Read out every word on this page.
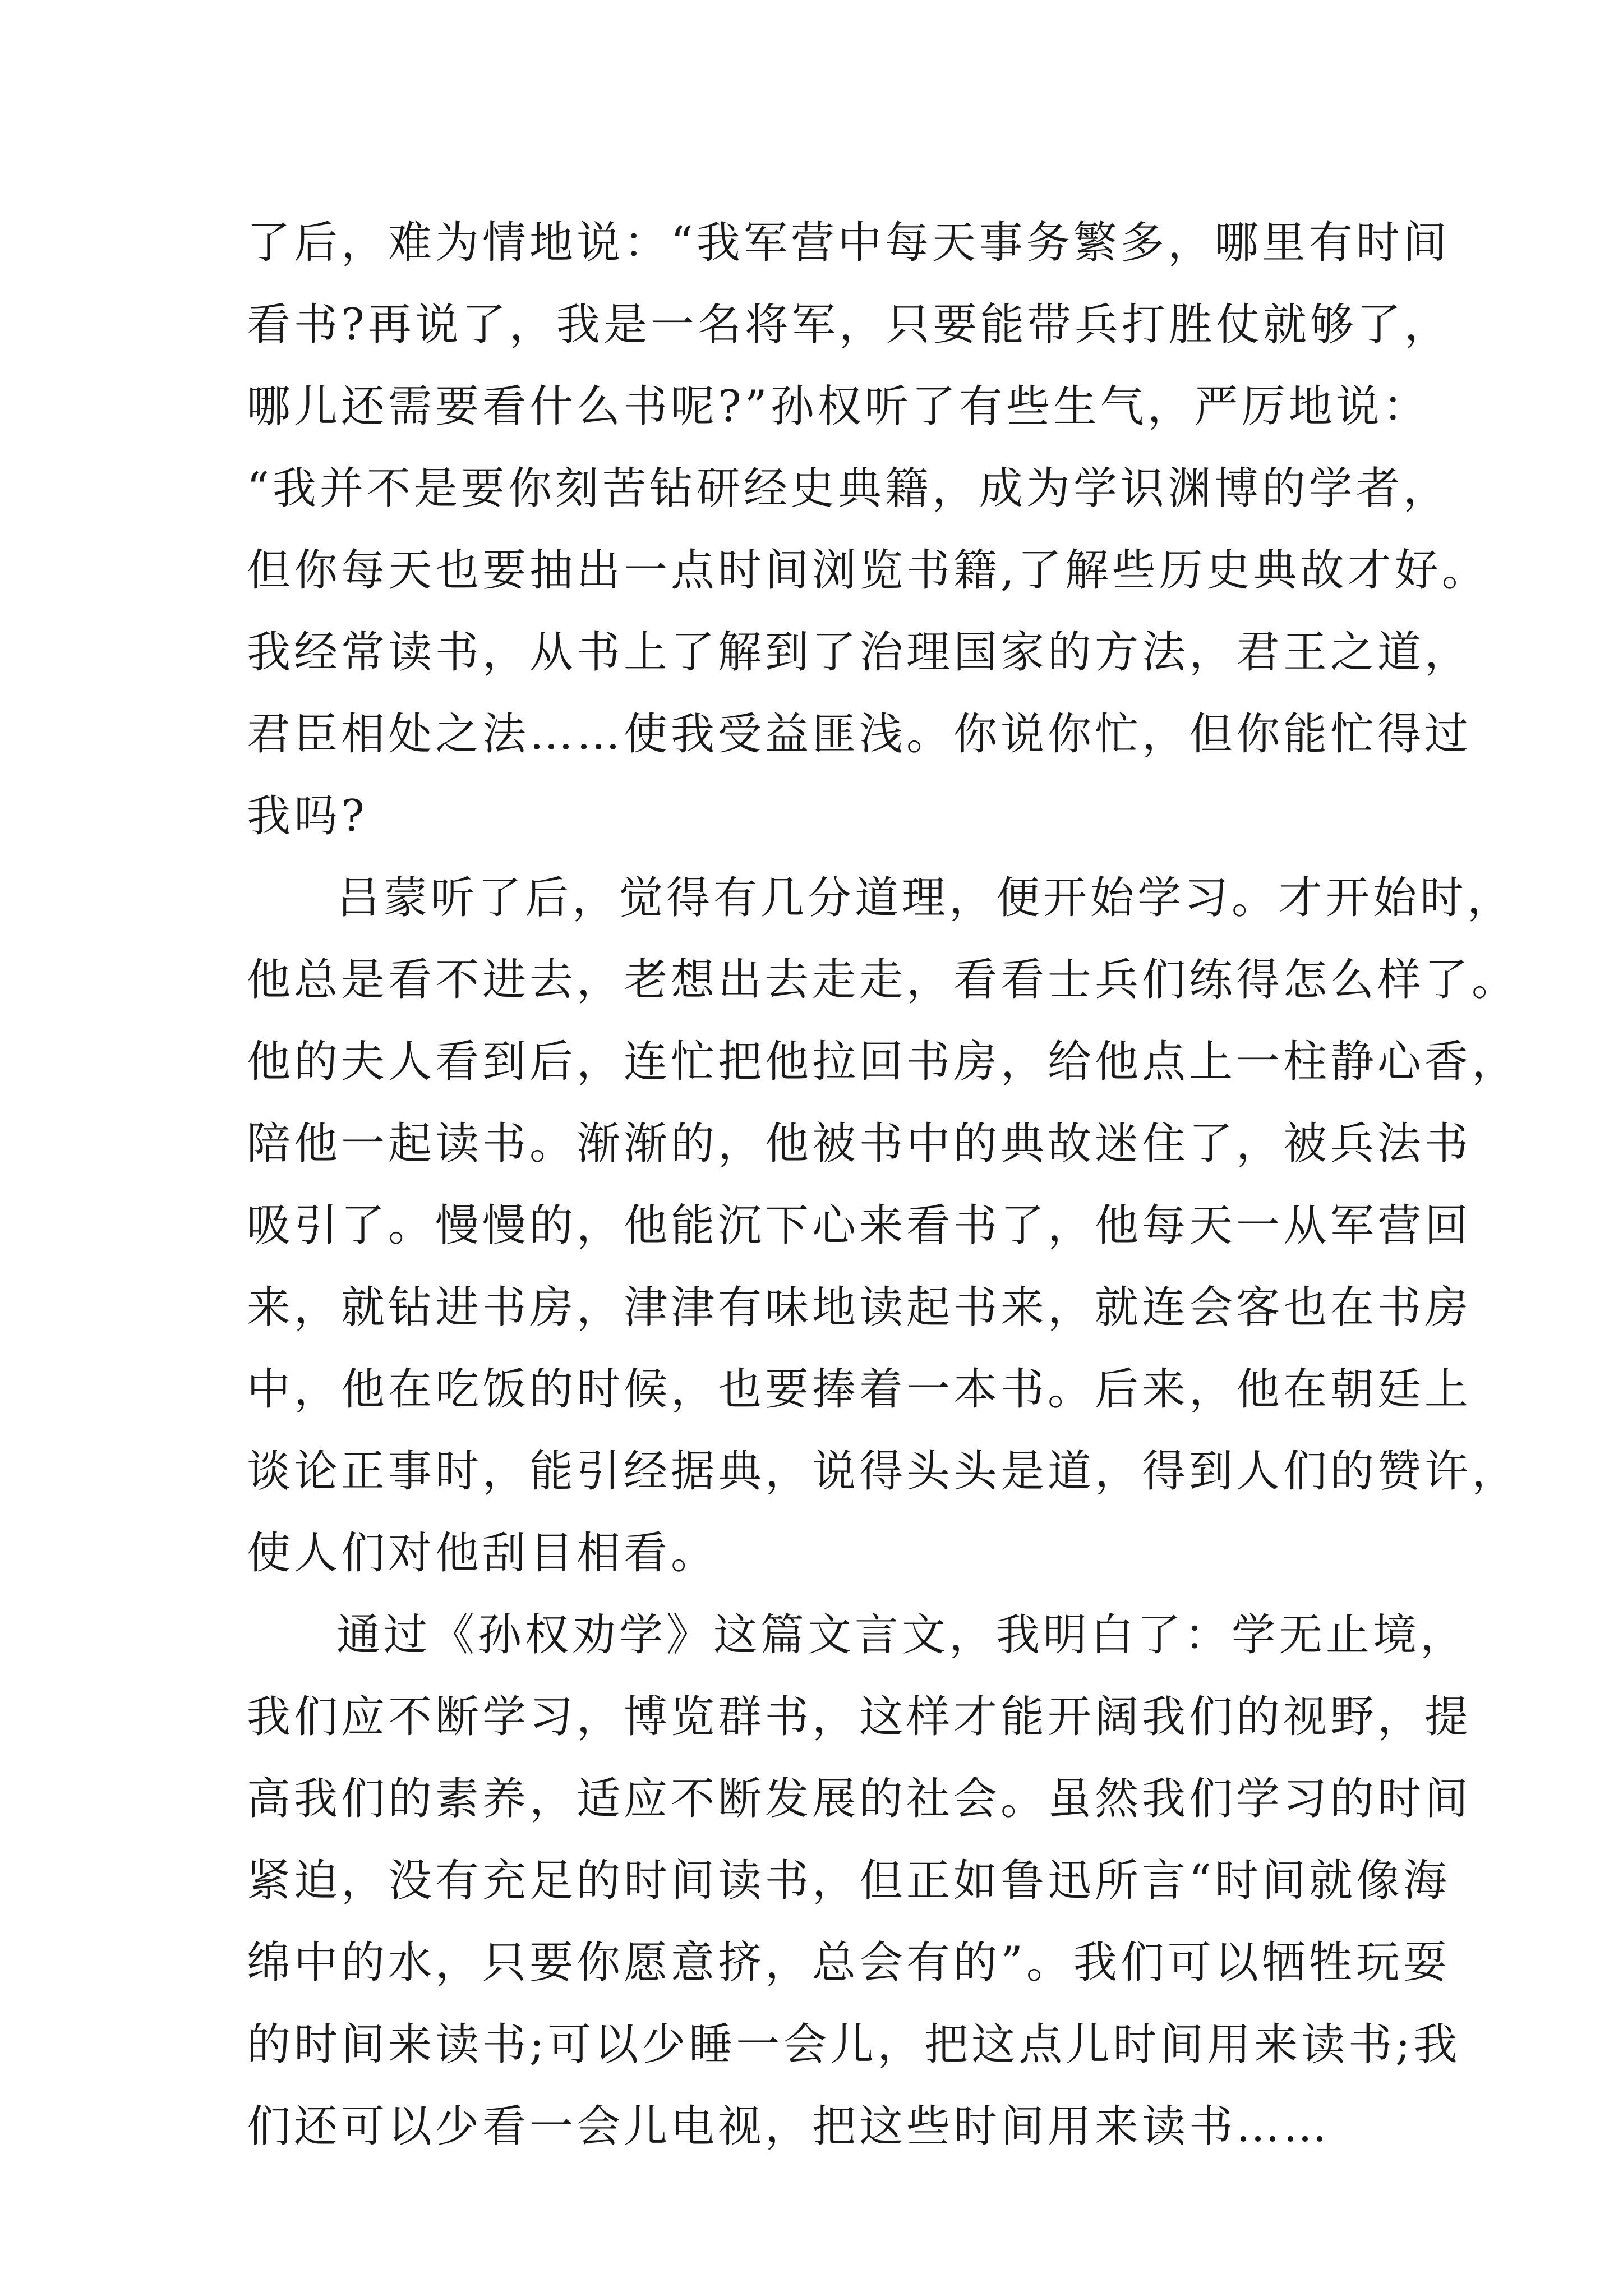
了后，难为情地说：“我军营中每天事务繁多，哪里有时间
看书?再说了，我是一名将军，只要能带兵打胜仗就够了，
哪儿还需要看什么书呢?”孙权听了有些生气，严厉地说：
“我并不是要你刻苦钻研经史典籍，成为学识渊博的学者，
但你每天也要抽出一点时间浏览书籍,了解些历史典故才好。
我经常读书，从书上了解到了治理国家的方法，君王之道，
君臣相处之法……使我受益匪浅。你说你忙，但你能忙得过
我吗?

吕蒙听了后，觉得有几分道理，便开始学习。才开始时，
他总是看不进去，老想出去走走，看看士兵们练得怎么样了。
他的夫人看到后，连忙把他拉回书房，给他点上一柱静心香，
陪他一起读书。渐渐的，他被书中的典故迷住了，被兵法书
吸引了。慢慢的，他能沉下心来看书了，他每天一从军营回
来，就钻进书房，津津有味地读起书来，就连会客也在书房
中，他在吃饭的时候，也要捧着一本书。后来，他在朝廷上
谈论正事时，能引经据典，说得头头是道，得到人们的赞许，
使人们对他刮目相看。

通过《孙权劝学》这篇文言文，我明白了：学无止境，
我们应不断学习，博览群书，这样才能开阔我们的视野，提
高我们的素养，适应不断发展的社会。虽然我们学习的时间
紧迫，没有充足的时间读书，但正如鲁迅所言“时间就像海
绵中的水，只要你愿意挤，总会有的”。我们可以牺牲玩耍
的时间来读书;可以少睡一会儿，把这点儿时间用来读书;我
们还可以少看一会儿电视，把这些时间用来读书……
